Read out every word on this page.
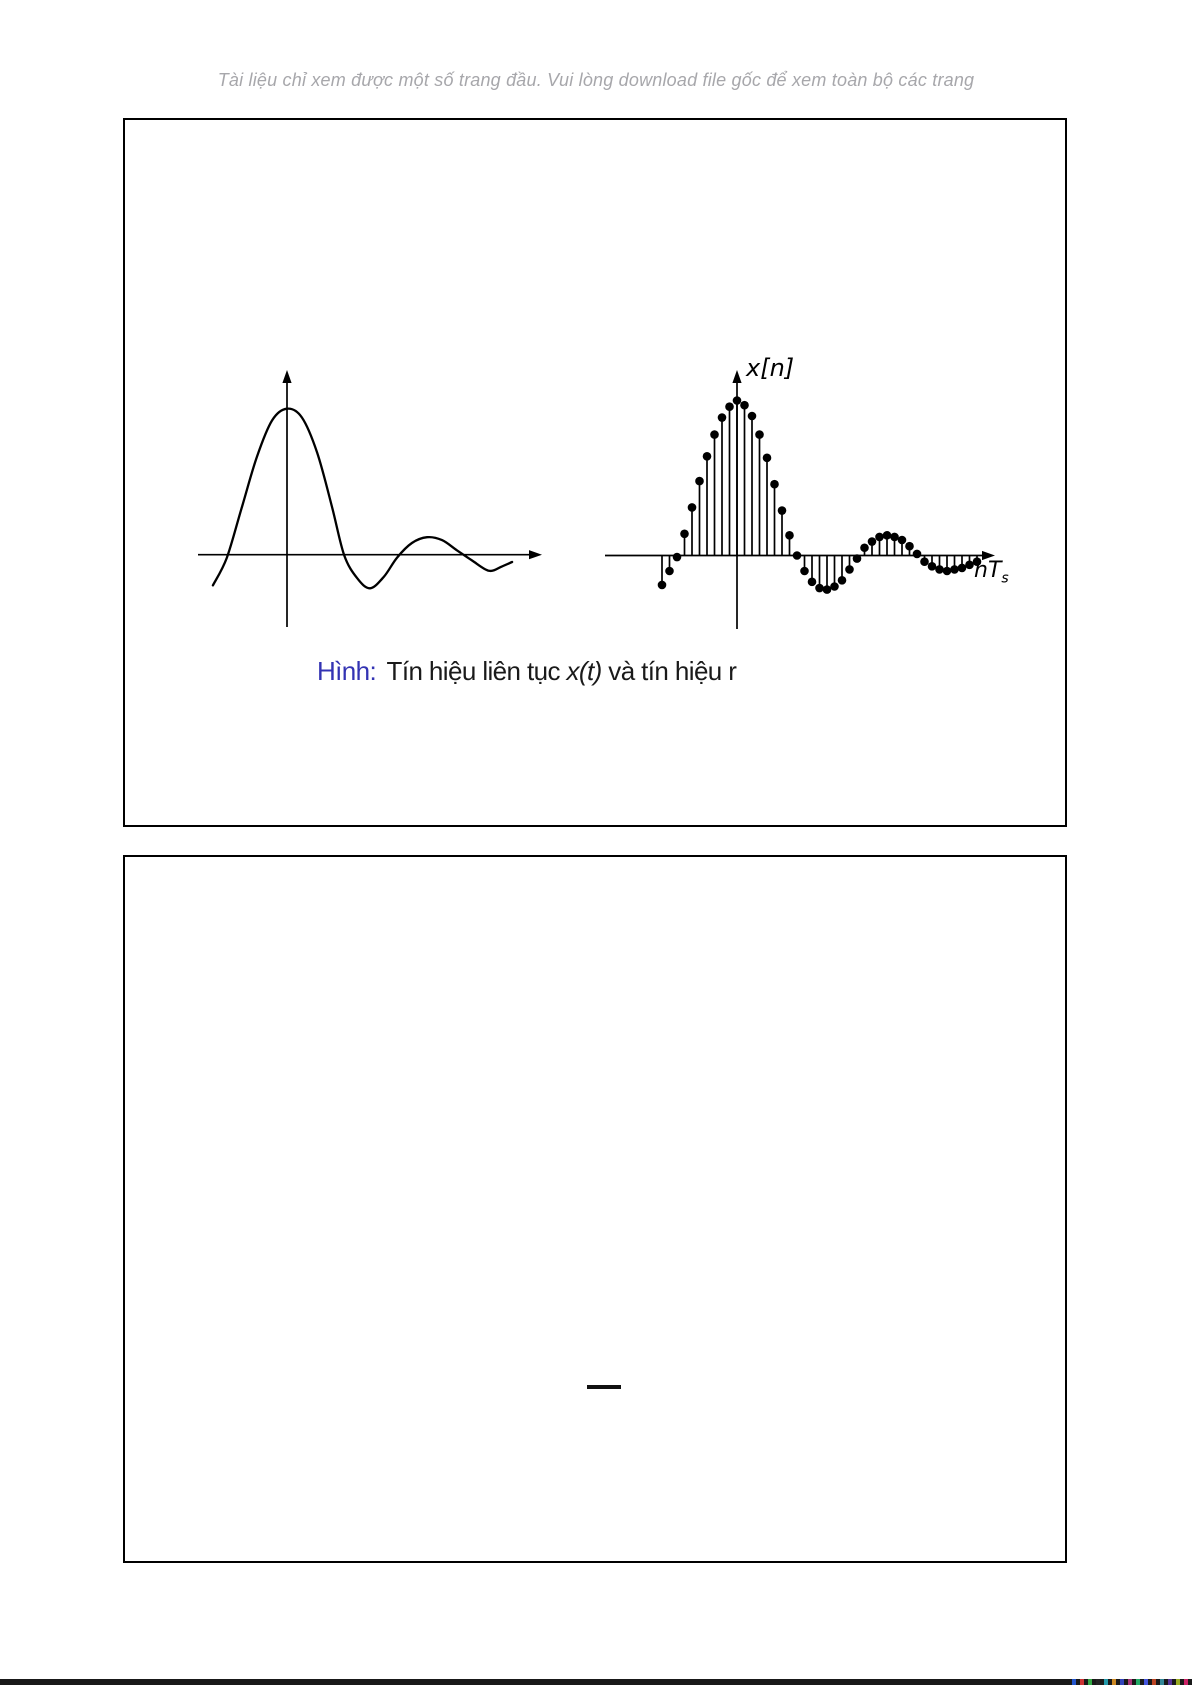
Tài liệu chỉ xem được một số trang đầu. Vui lòng download file gốc để xem toàn bộ các trang
x[n]
$nT_s$
Hình: Tín hiệu liên tục x(t) và tín hiệu r
